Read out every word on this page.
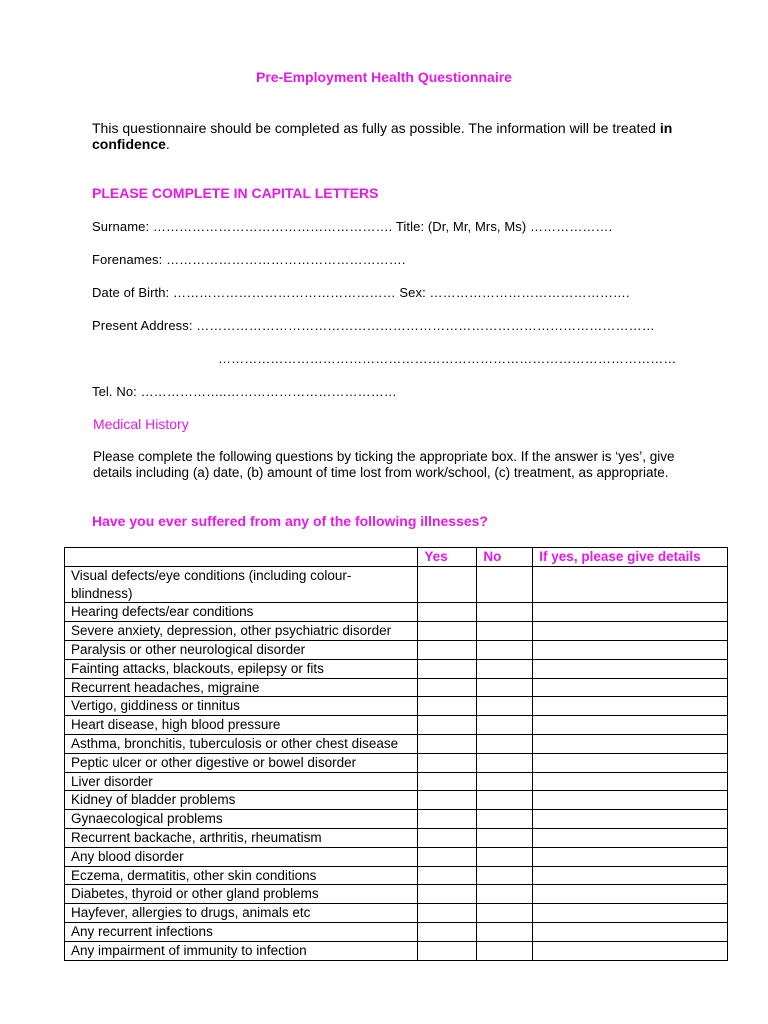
Pre-Employment Health Questionnaire
This questionnaire should be completed as fully as possible. The information will be treated in confidence.
PLEASE COMPLETE IN CAPITAL LETTERS
Surname: ………………………………………………. Title: (Dr, Mr, Mrs, Ms) ……………….
Forenames: ……………………………………………….
Date of Birth: …………………………………………… Sex: ……………………………………….
Present Address: ……………………………………………………………………………………………
……………………………………………………………………………………………
Tel. No: ………………..…………………………………
Medical History
Please complete the following questions by ticking the appropriate box. If the answer is ‘yes’, give details including (a) date, (b) amount of time lost from work/school, (c) treatment, as appropriate.
Have you ever suffered from any of the following illnesses?
	Yes	No	If yes, please give details
Visual defects/eye conditions (including colour-blindness)			
Hearing defects/ear conditions			
Severe anxiety, depression, other psychiatric disorder			
Paralysis or other neurological disorder			
Fainting attacks, blackouts, epilepsy or fits			
Recurrent headaches, migraine			
Vertigo, giddiness or tinnitus			
Heart disease, high blood pressure			
Asthma, bronchitis, tuberculosis or other chest disease			
Peptic ulcer or other digestive or bowel disorder			
Liver disorder			
Kidney of bladder problems			
Gynaecological problems			
Recurrent backache, arthritis, rheumatism			
Any blood disorder			
Eczema, dermatitis, other skin conditions			
Diabetes, thyroid or other gland problems			
Hayfever, allergies to drugs, animals etc			
Any recurrent infections			
Any impairment of immunity to infection			
